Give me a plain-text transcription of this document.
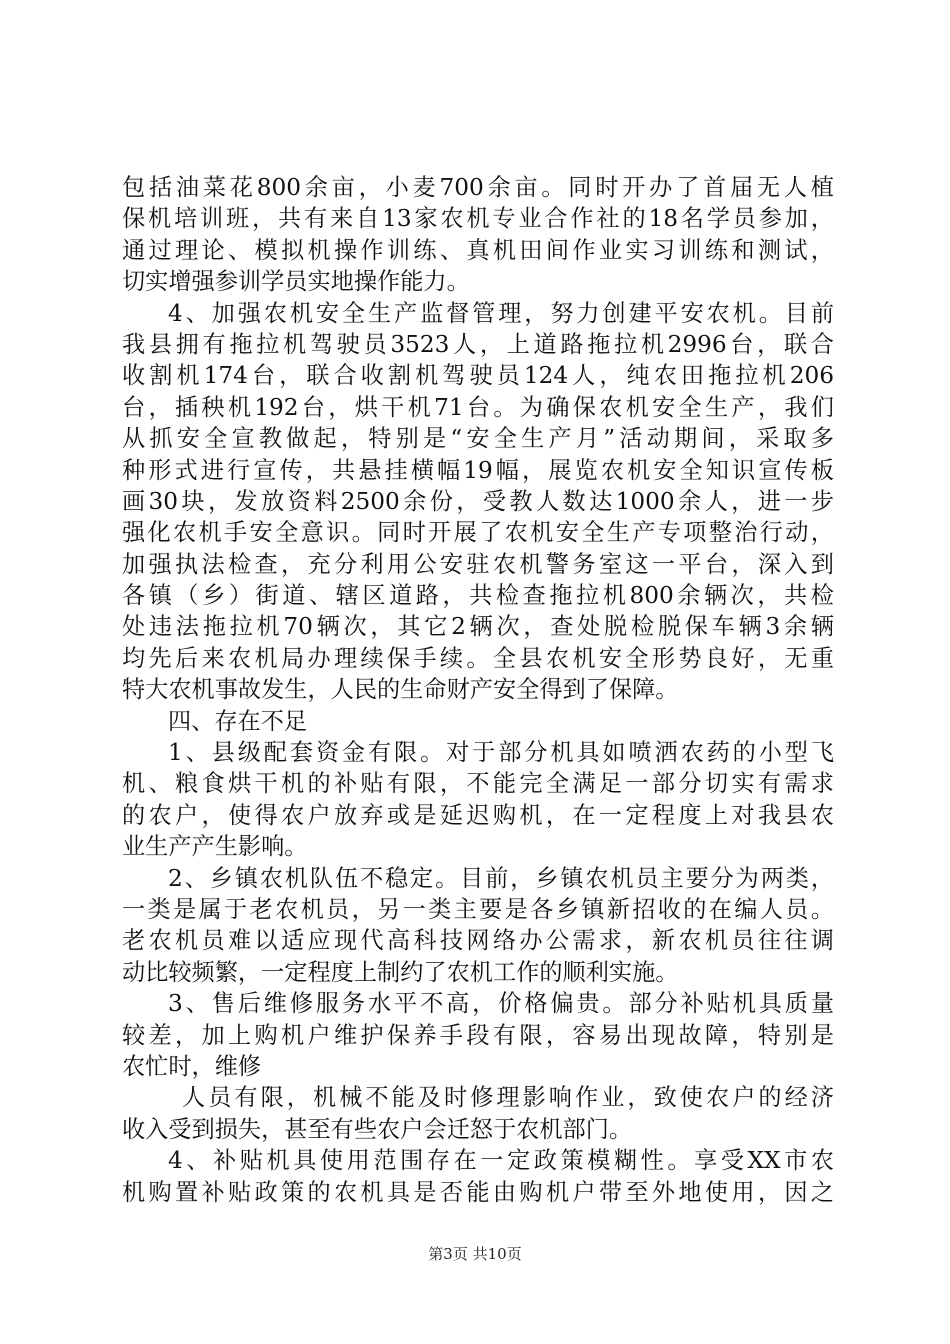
包括油菜花800余亩，小麦700余亩。同时开办了首届无人植
保机培训班，共有来自13家农机专业合作社的18名学员参加，
通过理论、模拟机操作训练、真机田间作业实习训练和测试，
切实增强参训学员实地操作能力。
4、加强农机安全生产监督管理，努力创建平安农机。目前
我县拥有拖拉机驾驶员3523人，上道路拖拉机2996台，联合
收割机174台，联合收割机驾驶员124人，纯农田拖拉机206
台，插秧机192台，烘干机71台。为确保农机安全生产，我们
从抓安全宣教做起，特别是“安全生产月”活动期间，采取多
种形式进行宣传，共悬挂横幅19幅，展览农机安全知识宣传板
画30块，发放资料2500余份，受教人数达1000余人，进一步
强化农机手安全意识。同时开展了农机安全生产专项整治行动，
加强执法检查，充分利用公安驻农机警务室这一平台，深入到
各镇（乡）街道、辖区道路，共检查拖拉机800余辆次，共检
处违法拖拉机70辆次，其它2辆次，查处脱检脱保车辆3余辆
均先后来农机局办理续保手续。全县农机安全形势良好，无重
特大农机事故发生，人民的生命财产安全得到了保障。
四、存在不足
1、县级配套资金有限。对于部分机具如喷洒农药的小型飞
机、粮食烘干机的补贴有限，不能完全满足一部分切实有需求
的农户，使得农户放弃或是延迟购机，在一定程度上对我县农
业生产产生影响。
2、乡镇农机队伍不稳定。目前，乡镇农机员主要分为两类，
一类是属于老农机员，另一类主要是各乡镇新招收的在编人员。
老农机员难以适应现代高科技网络办公需求，新农机员往往调
动比较频繁，一定程度上制约了农机工作的顺利实施。
3、售后维修服务水平不高，价格偏贵。部分补贴机具质量
较差，加上购机户维护保养手段有限，容易出现故障，特别是
农忙时，维修
人员有限，机械不能及时修理影响作业，致使农户的经济
收入受到损失，甚至有些农户会迁怒于农机部门。
4、补贴机具使用范围存在一定政策模糊性。享受XX市农
机购置补贴政策的农机具是否能由购机户带至外地使用，因之
第3页 共10页
